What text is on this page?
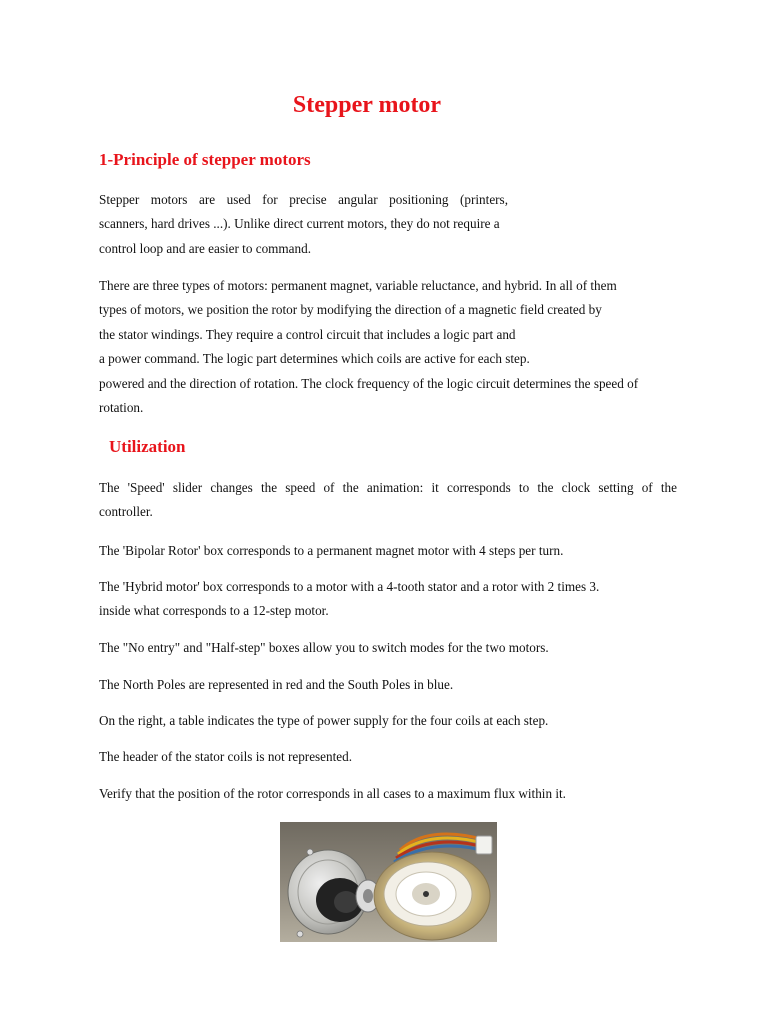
Stepper motor
1-Principle of stepper motors

Stepper motors are used for precise angular positioning (printers,
scanners, hard drives ...). Unlike direct current motors, they do not require a
control loop and are easier to command.

There are three types of motors: permanent magnet, variable reluctance, and hybrid. In all of them
types of motors, we position the rotor by modifying the direction of a magnetic field created by
the stator windings. They require a control circuit that includes a logic part and
a power command. The logic part determines which coils are active for each step.
powered and the direction of rotation. The clock frequency of the logic circuit determines the speed of
rotation.

Utilization

The 'Speed' slider changes the speed of the animation: it corresponds to the clock setting of the
controller.

The 'Bipolar Rotor' box corresponds to a permanent magnet motor with 4 steps per turn.

The 'Hybrid motor' box corresponds to a motor with a 4-tooth stator and a rotor with 2 times 3.
inside what corresponds to a 12-step motor.

The "No entry" and "Half-step" boxes allow you to switch modes for the two motors.

The North Poles are represented in red and the South Poles in blue.

On the right, a table indicates the type of power supply for the four coils at each step.

The header of the stator coils is not represented.

Verify that the position of the rotor corresponds in all cases to a maximum flux within it.
